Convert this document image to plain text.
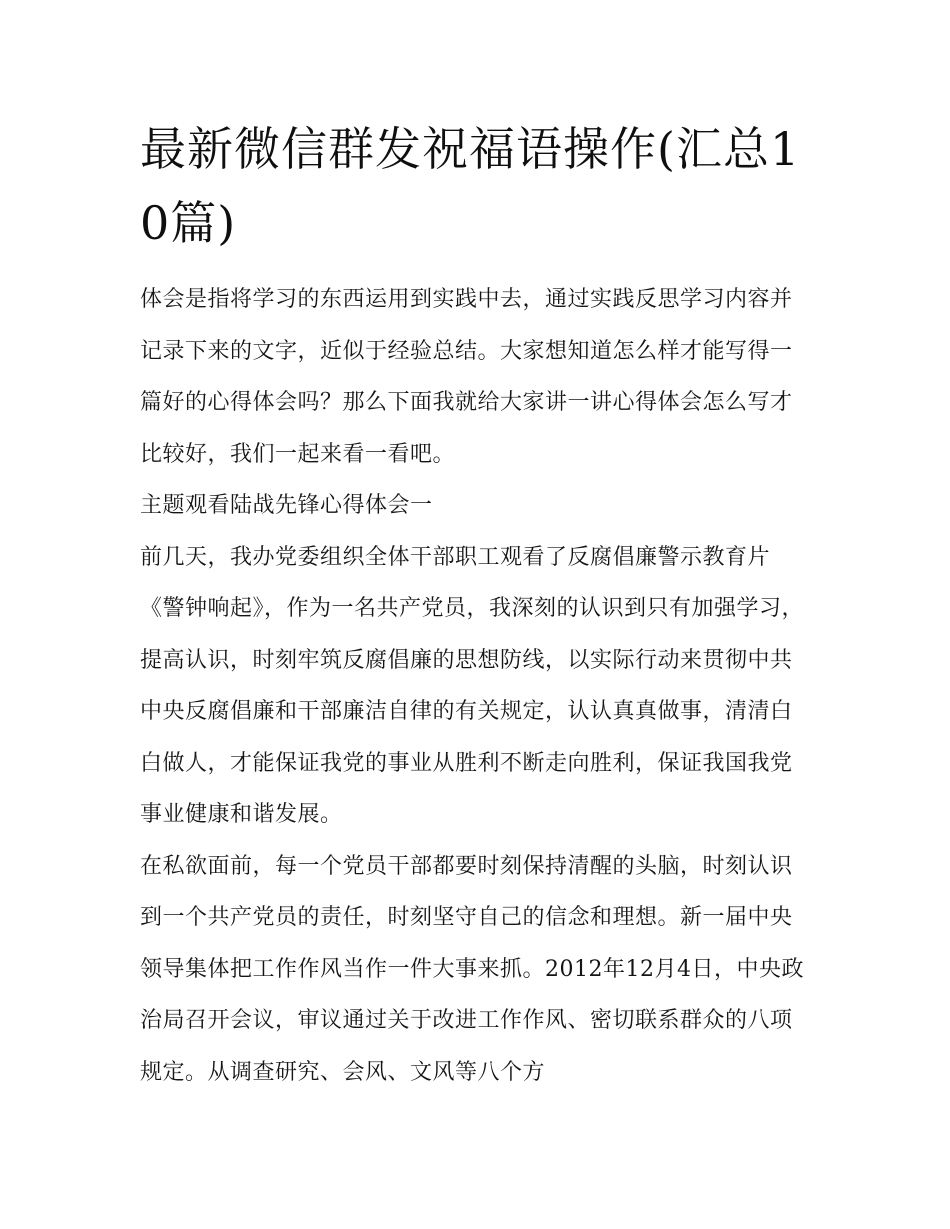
最新微信群发祝福语操作(汇总10篇)

体会是指将学习的东西运用到实践中去，通过实践反思学习内容并记录下来的文字，近似于经验总结。大家想知道怎么样才能写得一篇好的心得体会吗？那么下面我就给大家讲一讲心得体会怎么写才比较好，我们一起来看一看吧。

主题观看陆战先锋心得体会一

前几天，我办党委组织全体干部职工观看了反腐倡廉警示教育片《警钟响起》，作为一名共产党员，我深刻的认识到只有加强学习，提高认识，时刻牢筑反腐倡廉的思想防线，以实际行动来贯彻中共中央反腐倡廉和干部廉洁自律的有关规定，认认真真做事，清清白白做人，才能保证我党的事业从胜利不断走向胜利，保证我国我党事业健康和谐发展。

在私欲面前，每一个党员干部都要时刻保持清醒的头脑，时刻认识到一个共产党员的责任，时刻坚守自己的信念和理想。新一届中央领导集体把工作作风当作一件大事来抓。2012年12月4日，中央政治局召开会议，审议通过关于改进工作作风、密切联系群众的八项规定。从调查研究、会风、文风等八个方
